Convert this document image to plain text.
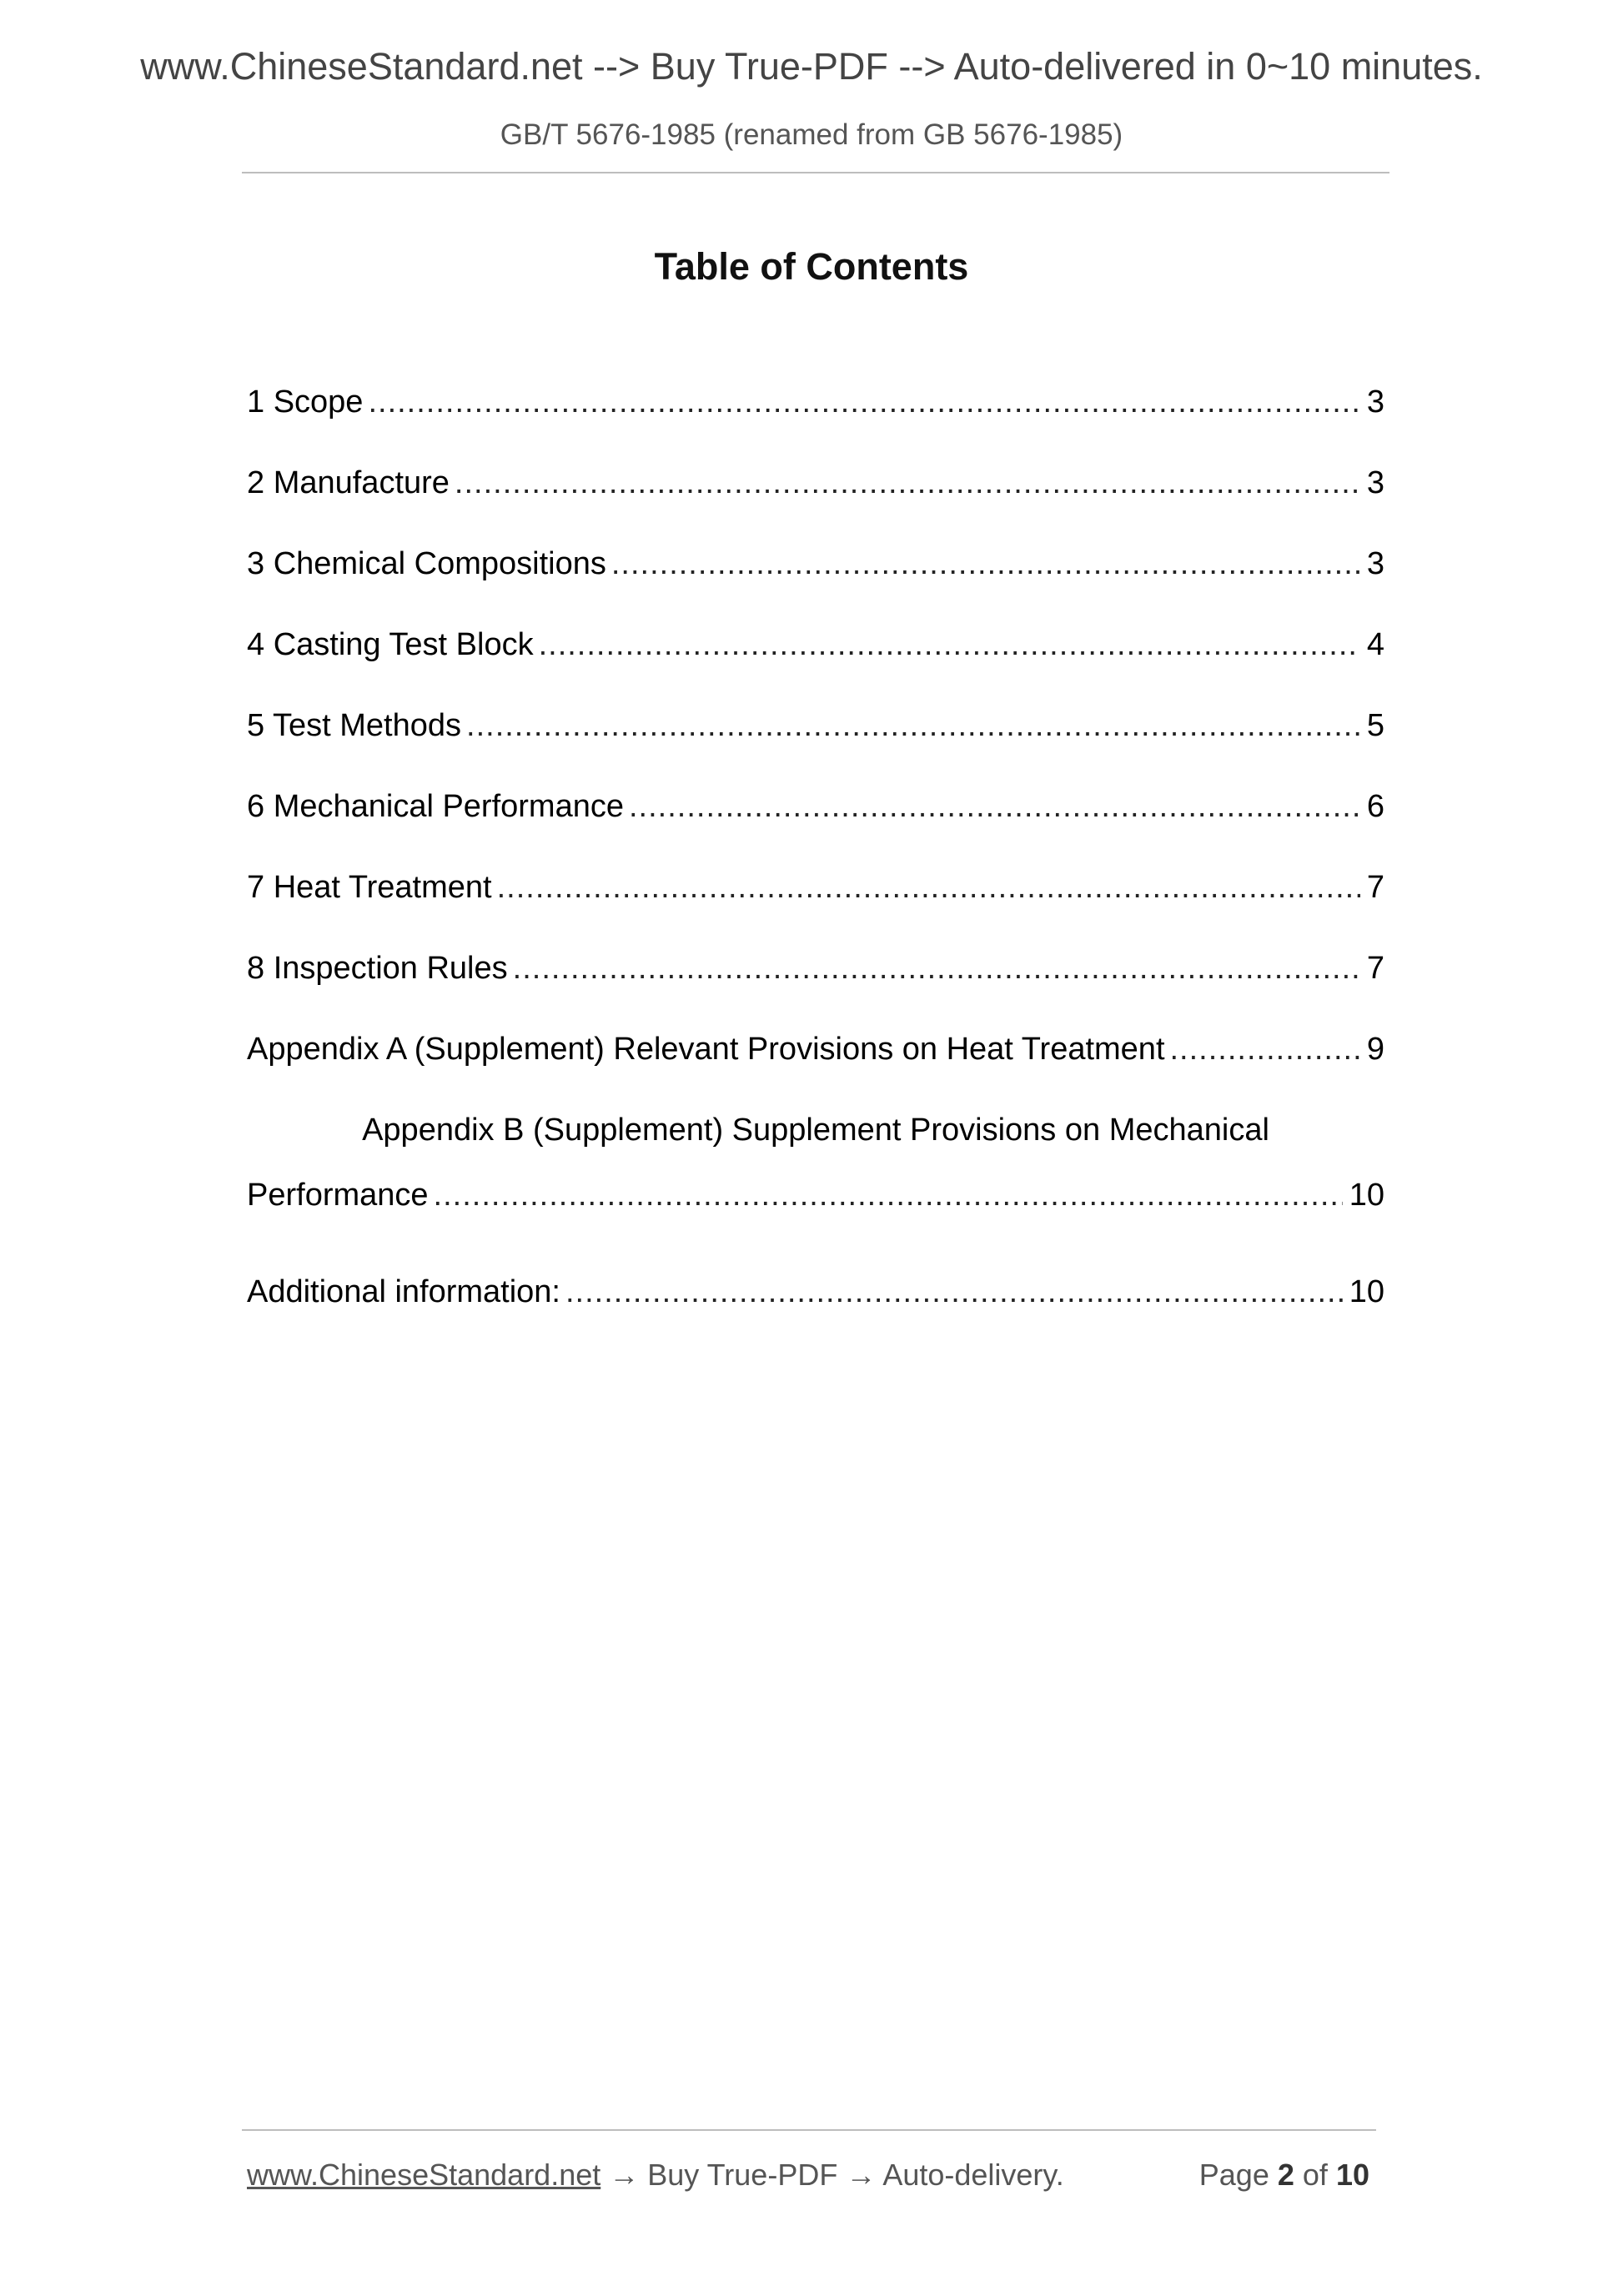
www.ChineseStandard.net --> Buy True-PDF --> Auto-delivered in 0~10 minutes.
GB/T 5676-1985 (renamed from GB 5676-1985)
Table of Contents
1 Scope .....	3
2 Manufacture .....	3
3 Chemical Compositions .....	3
4 Casting Test Block .....	4
5 Test Methods .....	5
6 Mechanical Performance .....	6
7 Heat Treatment .....	7
8 Inspection Rules .....	7
Appendix A (Supplement) Relevant Provisions on Heat Treatment .....	9
Appendix B (Supplement) Supplement Provisions on Mechanical
Performance .....	10
Additional information: .....	10
www.ChineseStandard.net → Buy True-PDF → Auto-delivery.	Page 2 of 10
